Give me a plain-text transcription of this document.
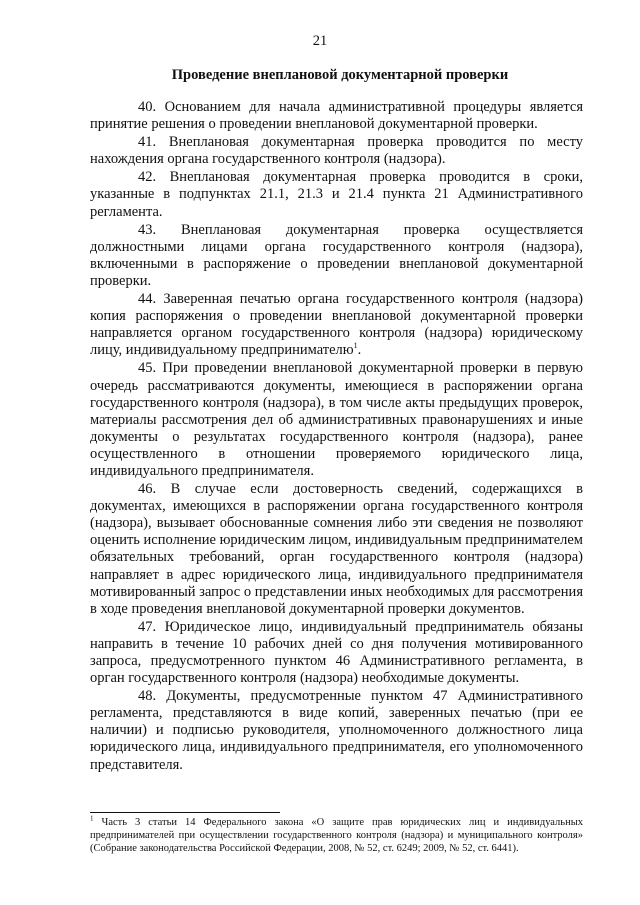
21
Проведение внеплановой документарной проверки

40. Основанием для начала административной процедуры является принятие решения о проведении внеплановой документарной проверки.

41. Внеплановая документарная проверка проводится по месту нахождения органа государственного контроля (надзора).

42. Внеплановая документарная проверка проводится в сроки, указанные в подпунктах 21.1, 21.3 и 21.4 пункта 21 Административного регламента.

43. Внеплановая документарная проверка осуществляется должностными лицами органа государственного контроля (надзора), включенными в распоряжение о проведении внеплановой документарной проверки.

44. Заверенная печатью органа государственного контроля (надзора) копия распоряжения о проведении внеплановой документарной проверки направляется органом государственного контроля (надзора) юридическому лицу, индивидуальному предпринимателю$^1$.

45. При проведении внеплановой документарной проверки в первую очередь рассматриваются документы, имеющиеся в распоряжении органа государственного контроля (надзора), в том числе акты предыдущих проверок, материалы рассмотрения дел об административных правонарушениях и иные документы о результатах государственного контроля (надзора), ранее осуществленного в отношении проверяемого юридического лица, индивидуального предпринимателя.

46. В случае если достоверность сведений, содержащихся в документах, имеющихся в распоряжении органа государственного контроля (надзора), вызывает обоснованные сомнения либо эти сведения не позволяют оценить исполнение юридическим лицом, индивидуальным предпринимателем обязательных требований, орган государственного контроля (надзора) направляет в адрес юридического лица, индивидуального предпринимателя мотивированный запрос о представлении иных необходимых для рассмотрения в ходе проведения внеплановой документарной проверки документов.

47. Юридическое лицо, индивидуальный предприниматель обязаны направить в течение 10 рабочих дней со дня получения мотивированного запроса, предусмотренного пунктом 46 Административного регламента, в орган государственного контроля (надзора) необходимые документы.

48. Документы, предусмотренные пунктом 47 Административного регламента, представляются в виде копий, заверенных печатью (при ее наличии) и подписью руководителя, уполномоченного должностного лица юридического лица, индивидуального предпринимателя, его уполномоченного представителя.

$^1$ Часть 3 статьи 14 Федерального закона «О защите прав юридических лиц и индивидуальных предпринимателей при осуществлении государственного контроля (надзора) и муниципального контроля» (Собрание законодательства Российской Федерации, 2008, № 52, ст. 6249; 2009, № 52, ст. 6441).
